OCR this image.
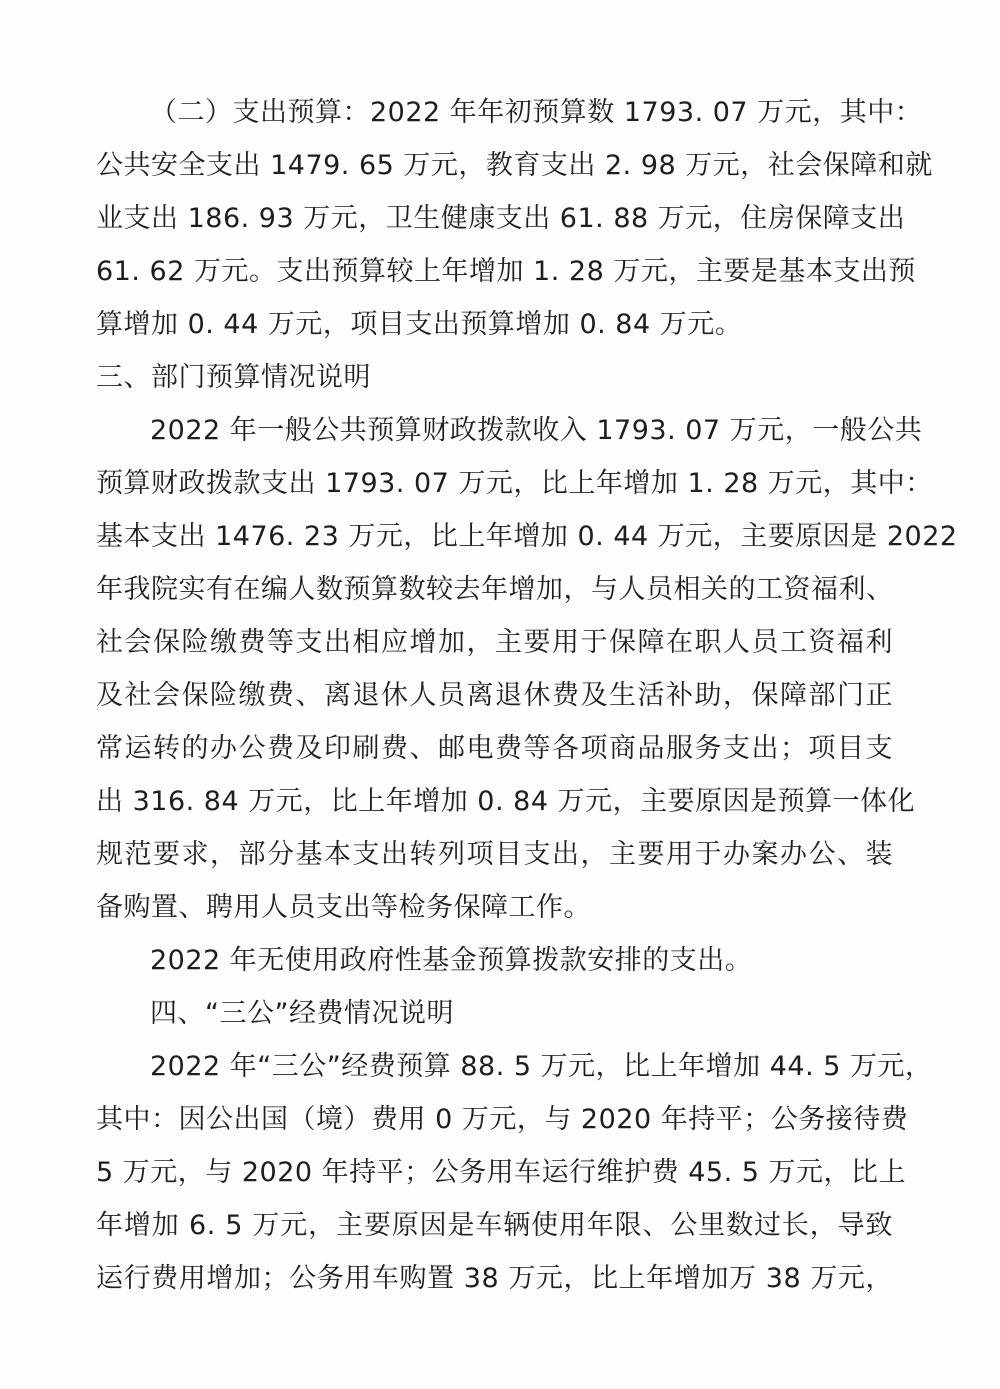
（二）支出预算：2022 年年初预算数 1793. 07 万元，其中：
公共安全支出 1479. 65 万元，教育支出 2. 98 万元，社会保障和就
业支出 186. 93 万元，卫生健康支出 61. 88 万元，住房保障支出
61. 62 万元。支出预算较上年增加 1. 28 万元，主要是基本支出预
算增加 0. 44 万元，项目支出预算增加 0. 84 万元。
三、部门预算情况说明
2022 年一般公共预算财政拨款收入 1793. 07 万元，一般公共
预算财政拨款支出 1793. 07 万元，比上年增加 1. 28 万元，其中：
基本支出 1476. 23 万元，比上年增加 0. 44 万元，主要原因是 2022
年我院实有在编人数预算数较去年增加，与人员相关的工资福利、
社会保险缴费等支出相应增加，主要用于保障在职人员工资福利
及社会保险缴费、离退休人员离退休费及生活补助，保障部门正
常运转的办公费及印刷费、邮电费等各项商品服务支出；项目支
出 316. 84 万元，比上年增加 0. 84 万元，主要原因是预算一体化
规范要求，部分基本支出转列项目支出，主要用于办案办公、装
备购置、聘用人员支出等检务保障工作。
2022 年无使用政府性基金预算拨款安排的支出。
四、“三公”经费情况说明
2022 年“三公”经费预算 88. 5 万元，比上年增加 44. 5 万元，
其中：因公出国（境）费用 0 万元，与 2020 年持平；公务接待费
5 万元，与 2020 年持平；公务用车运行维护费 45. 5 万元，比上
年增加 6. 5 万元，主要原因是车辆使用年限、公里数过长，导致
运行费用增加；公务用车购置 38 万元，比上年增加万 38 万元，
